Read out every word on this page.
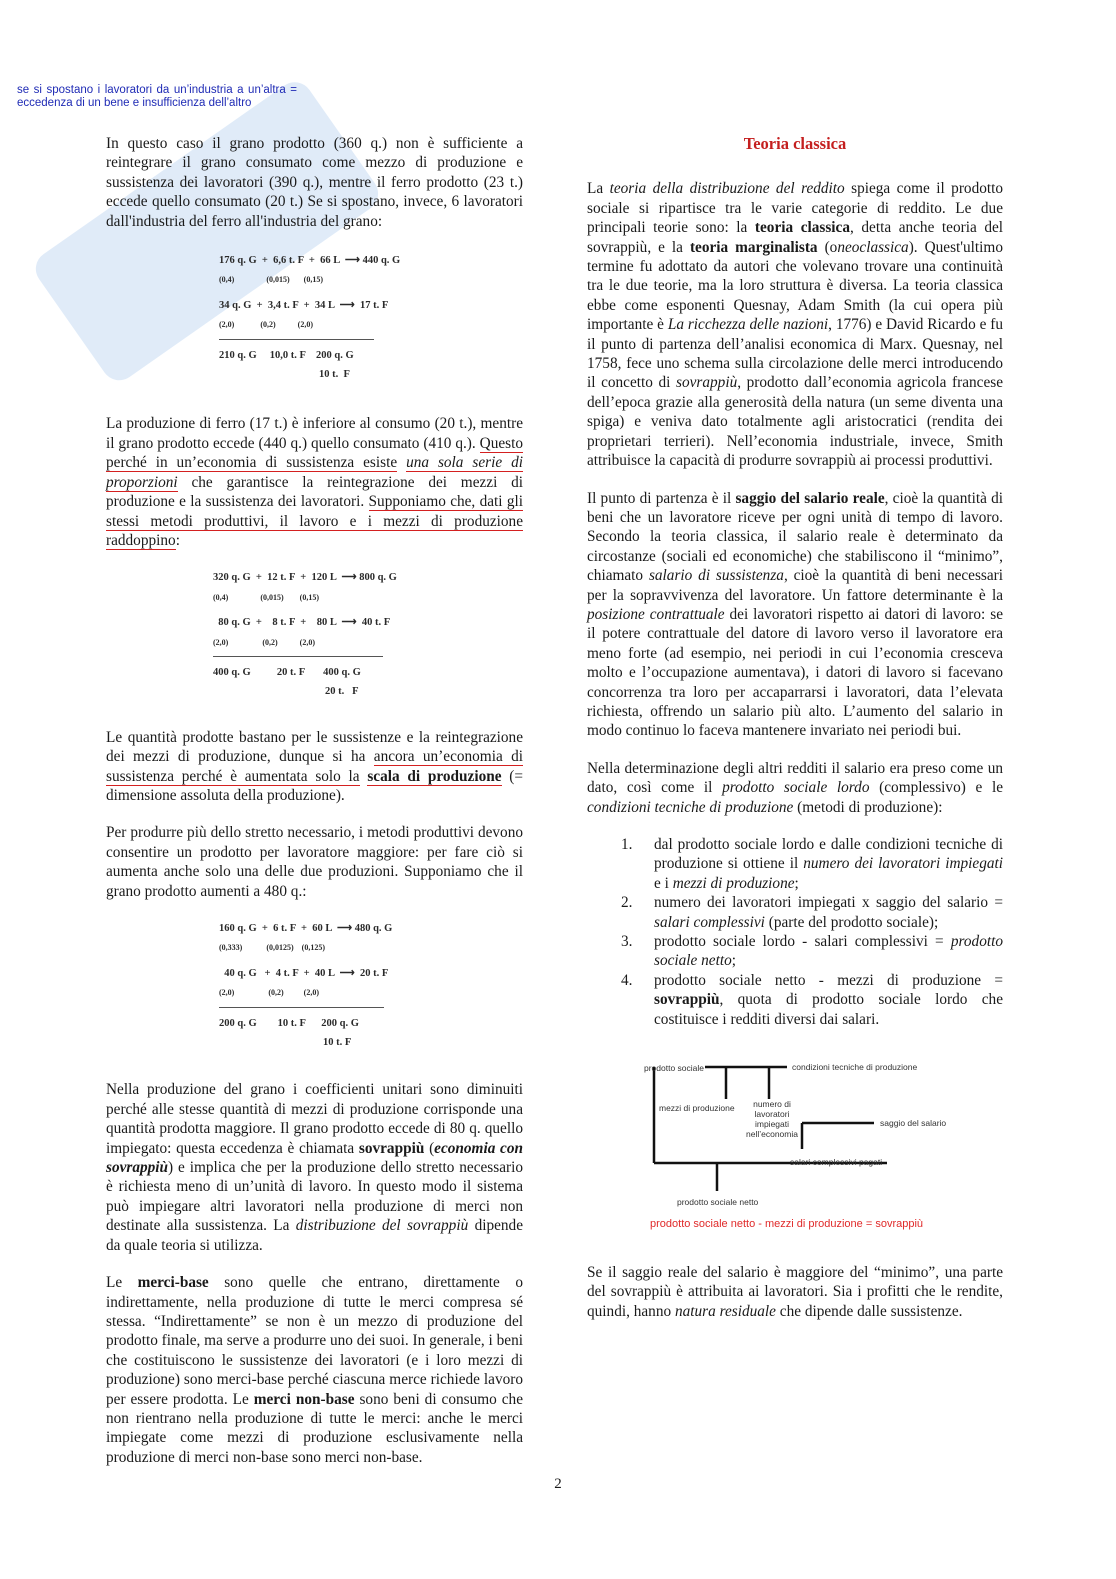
se si spostano i lavoratori da un’industria a un’altra = eccedenza di un bene e insufficienza dell’altro

In questo caso il grano prodotto (360 q.) non è sufficiente a reintegrare il grano consumato come mezzo di produzione e sussistenza dei lavoratori (390 q.), mentre il ferro prodotto (23 t.) eccede quello consumato (20 t.) Se si spostano, invece, 6 lavoratori dall'industria del ferro all'industria del grano:

176 q. G  +  6,6 t. F  +  66 L  ⟶ 440 q. G
(0,4)                (0,015)       (0,15)
34 q. G  +  3,4 t. F  +  34 L  ⟶  17 t. F
(2,0)             (0,2)           (2,0)
210 q. G     10,0 t. F    200 q. G
10 t.  F

La produzione di ferro (17 t.) è inferiore al consumo (20 t.), mentre il grano prodotto eccede (440 q.) quello consumato (410 q.). Questo perché in un’economia di sussistenza esiste una sola serie di proporzioni che garantisce la reintegrazione dei mezzi di produzione e la sussistenza dei lavoratori. Supponiamo che, dati gli stessi metodi produttivi, il lavoro e i mezzi di produzione raddoppino:

320 q. G  +  12 t. F  +  120 L  ⟶ 800 q. G
(0,4)                (0,015)        (0,15)
80 q. G  +    8 t. F  +    80 L  ⟶  40 t. F
(2,0)                 (0,2)           (2,0)
400 q. G          20 t. F       400 q. G
20 t.   F

Le quantità prodotte bastano per le sussistenze e la reintegrazione dei mezzi di produzione, dunque si ha ancora un’economia di sussistenza perché è aumentata solo la scala di produzione (= dimensione assoluta della produzione).

Per produrre più dello stretto necessario, i metodi produttivi devono consentire un prodotto per lavoratore maggiore: per fare ciò si aumenta anche solo una delle due produzioni. Supponiamo che il grano prodotto aumenti a 480 q.:

160 q. G  +  6 t. F  +  60 L  ⟶ 480 q. G
(0,333)            (0,0125)    (0,125)
40 q. G   +  4 t. F  +  40 L  ⟶  20 t. F
(2,0)                 (0,2)          (2,0)
200 q. G        10 t. F      200 q. G
10 t. F

Nella produzione del grano i coefficienti unitari sono diminuiti perché alle stesse quantità di mezzi di produzione corrisponde una quantità prodotta maggiore. Il grano prodotto eccede di 80 q. quello impiegato: questa eccedenza è chiamata sovrappiù (economia con sovrappiù) e implica che per la produzione dello stretto necessario è richiesta meno di un’unità di lavoro. In questo modo il sistema può impiegare altri lavoratori nella produzione di merci non destinate alla sussistenza. La distribuzione del sovrappiù dipende da quale teoria si utilizza.

Le merci-base sono quelle che entrano, direttamente o indirettamente, nella produzione di tutte le merci compresa sé stessa. “Indirettamente” se non è un mezzo di produzione del prodotto finale, ma serve a produrre uno dei suoi. In generale, i beni che costituiscono le sussistenze dei lavoratori (e i loro mezzi di produzione) sono merci-base perché ciascuna merce richiede lavoro per essere prodotta. Le merci non-base sono beni di consumo che non rientrano nella produzione di tutte le merci: anche le merci impiegate come mezzi di produzione esclusivamente nella produzione di merci non-base sono merci non-base.

Teoria classica

La teoria della distribuzione del reddito spiega come il prodotto sociale si ripartisce tra le varie categorie di reddito. Le due principali teorie sono: la teoria classica, detta anche teoria del sovrappiù, e la teoria marginalista (oneoclassica). Quest'ultimo termine fu adottato da autori che volevano trovare una continuità tra le due teorie, ma la loro struttura è diversa. La teoria classica ebbe come esponenti Quesnay, Adam Smith (la cui opera più importante è La ricchezza delle nazioni, 1776) e David Ricardo e fu il punto di partenza dell’analisi economica di Marx. Quesnay, nel 1758, fece uno schema sulla circolazione delle merci introducendo il concetto di sovrappiù, prodotto dall’economia agricola francese dell’epoca grazie alla generosità della natura (un seme diventa una spiga) e veniva dato totalmente agli aristocratici (rendita dei proprietari terrieri). Nell’economia industriale, invece, Smith attribuisce la capacità di produrre sovrappiù ai processi produttivi.

Il punto di partenza è il saggio del salario reale, cioè la quantità di beni che un lavoratore riceve per ogni unità di tempo di lavoro. Secondo la teoria classica, il salario reale è determinato da circostanze (sociali ed economiche) che stabiliscono il “minimo”, chiamato salario di sussistenza, cioè la quantità di beni necessari per la sopravvivenza del lavoratore. Un fattore determinante è la posizione contrattuale dei lavoratori rispetto ai datori di lavoro: se il potere contrattuale del datore di lavoro verso il lavoratore era meno forte (ad esempio, nei periodi in cui l’economia cresceva molto e l’occupazione aumentava), i datori di lavoro si facevano concorrenza tra loro per accaparrarsi i lavoratori, data l’elevata richiesta, offrendo un salario più alto. L’aumento del salario in modo continuo lo faceva mantenere invariato nei periodi bui.

Nella determinazione degli altri redditi il salario era preso come un dato, così come il prodotto sociale lordo (complessivo) e le condizioni tecniche di produzione (metodi di produzione):

1. dal prodotto sociale lordo e dalle condizioni tecniche di produzione si ottiene il numero dei lavoratori impiegati e i mezzi di produzione;
2. numero dei lavoratori impiegati x saggio del salario = salari complessivi (parte del prodotto sociale);
3. prodotto sociale lordo - salari complessivi = prodotto sociale netto;
4. prodotto sociale netto - mezzi di produzione = sovrappiù, quota di prodotto sociale lordo che costituisce i redditi diversi dai salari.
prodotto sociale	condizioni tecniche di produzione
mezzi di produzione	numero di lavoratori impiegati nell’economia
saggio del salario
salari complessivi pagati
prodotto sociale netto
prodotto sociale netto - mezzi di produzione = sovrappiù

Se il saggio reale del salario è maggiore del “minimo”, una parte del sovrappiù è attribuita ai lavoratori. Sia i profitti che le rendite, quindi, hanno natura residuale che dipende dalle sussistenze.

2
